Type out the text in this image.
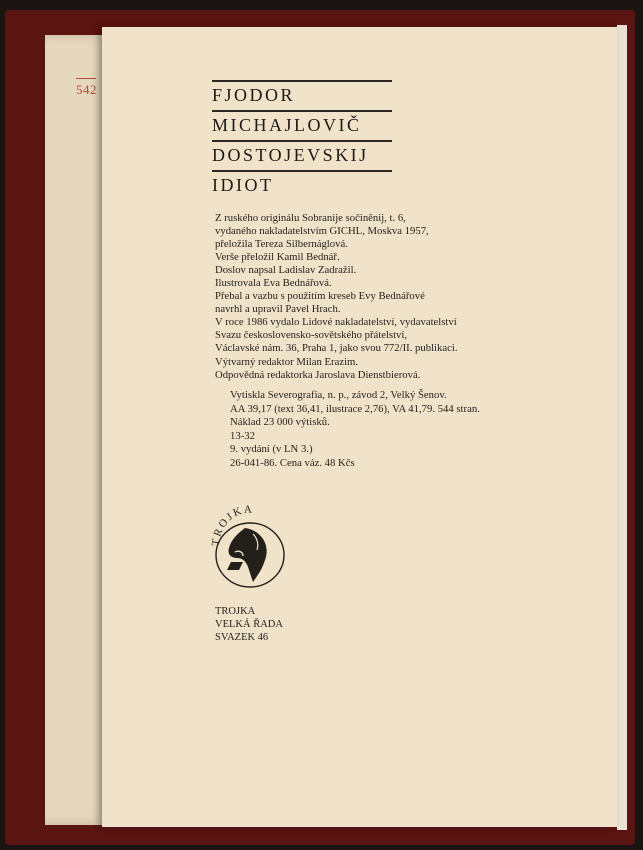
542	FJODOR
MICHAJLOVIČ
DOSTOJEVSKIJ
IDIOT
Z ruského originálu Sobranije sočiněnij, t. 6,
vydaného nakladatelstvím GICHL, Moskva 1957,
přeložila Tereza Silbernáglová.
Verše přeložil Kamil Bednář.
Doslov napsal Ladislav Zadražil.
Ilustrovala Eva Bednářová.
Přebal a vazbu s použitím kreseb Evy Bednářové
navrhl a upravil Pavel Hrach.
V roce 1986 vydalo Lidové nakladatelství, vydavatelství
Svazu československo-sovětského přátelství,
Václavské nám. 36, Praha 1, jako svou 772/II. publikaci.
Výtvarný redaktor Milan Erazim.
Odpovědná redaktorka Jaroslava Dienstbierová.
Vytiskla Severografia, n. p., závod 2, Velký Šenov.
AA 39,17 (text 36,41, ilustrace 2,76), VA 41,79. 544 stran.
Náklad 23 000 výtisků.
13-32
9. vydání (v LN 3.)
26-041-86. Cena váz. 48 Kčs
TROJKA
TROJKA
VELKÁ ŘADA
SVAZEK 46
